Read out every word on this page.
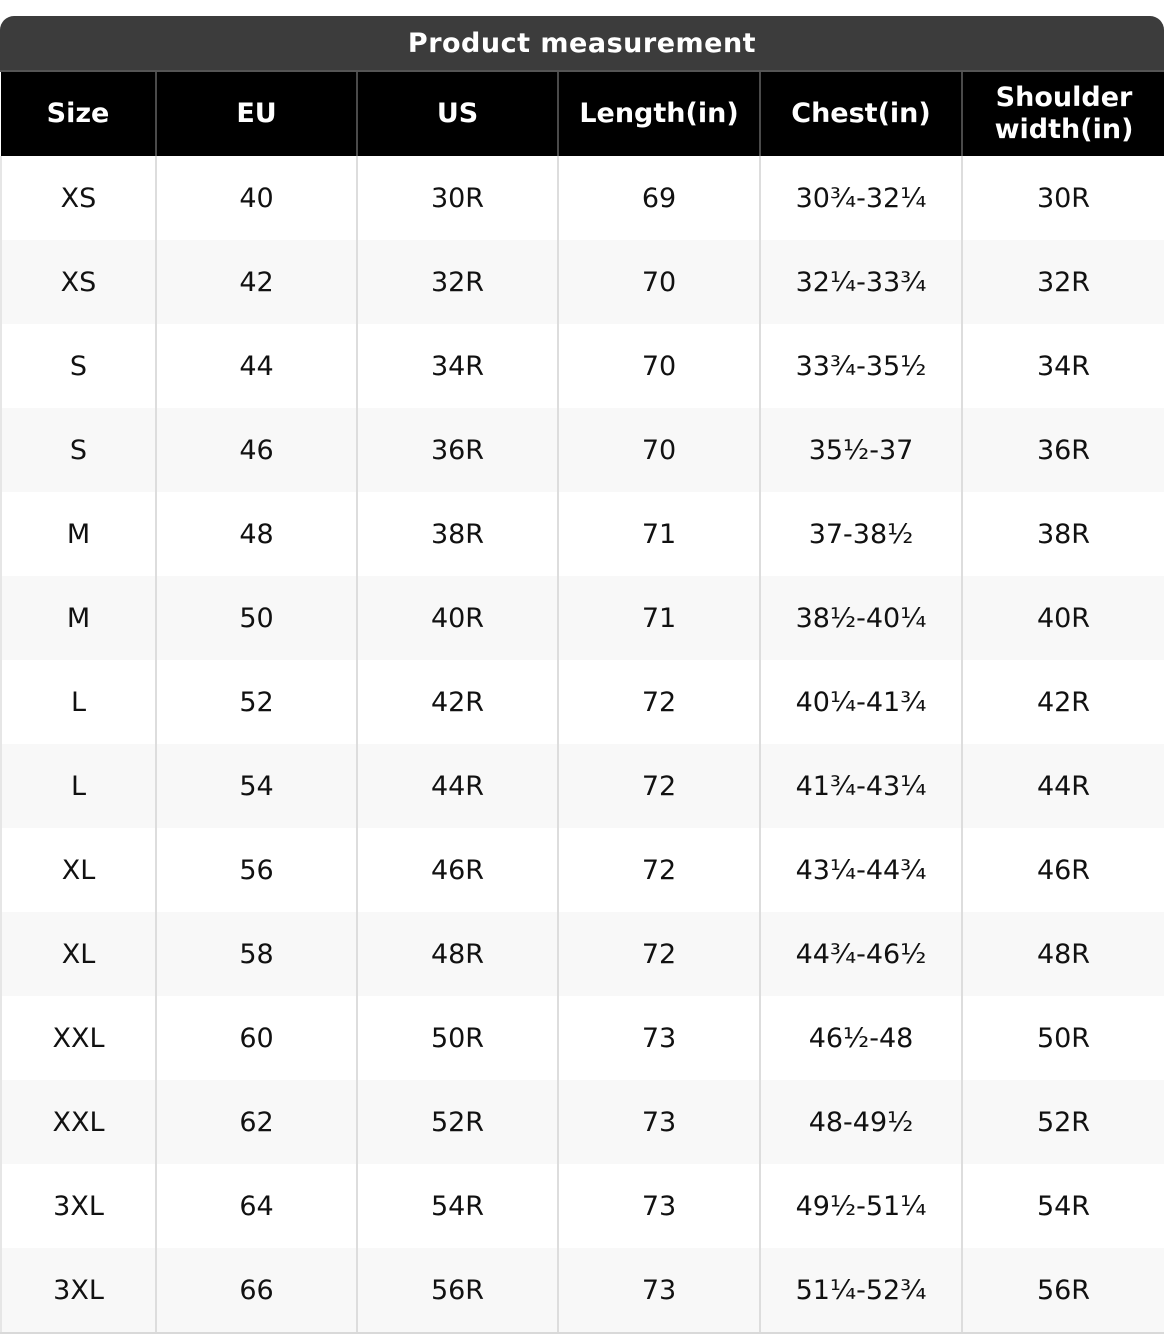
Product measurement
Size	EU	US	Length(in)	Chest(in)	Shoulder width(in)
XS	40	30R	69	30¾-32¼	30R
XS	42	32R	70	32¼-33¾	32R
S	44	34R	70	33¾-35½	34R
S	46	36R	70	35½-37	36R
M	48	38R	71	37-38½	38R
M	50	40R	71	38½-40¼	40R
L	52	42R	72	40¼-41¾	42R
L	54	44R	72	41¾-43¼	44R
XL	56	46R	72	43¼-44¾	46R
XL	58	48R	72	44¾-46½	48R
XXL	60	50R	73	46½-48	50R
XXL	62	52R	73	48-49½	52R
3XL	64	54R	73	49½-51¼	54R
3XL	66	56R	73	51¼-52¾	56R
